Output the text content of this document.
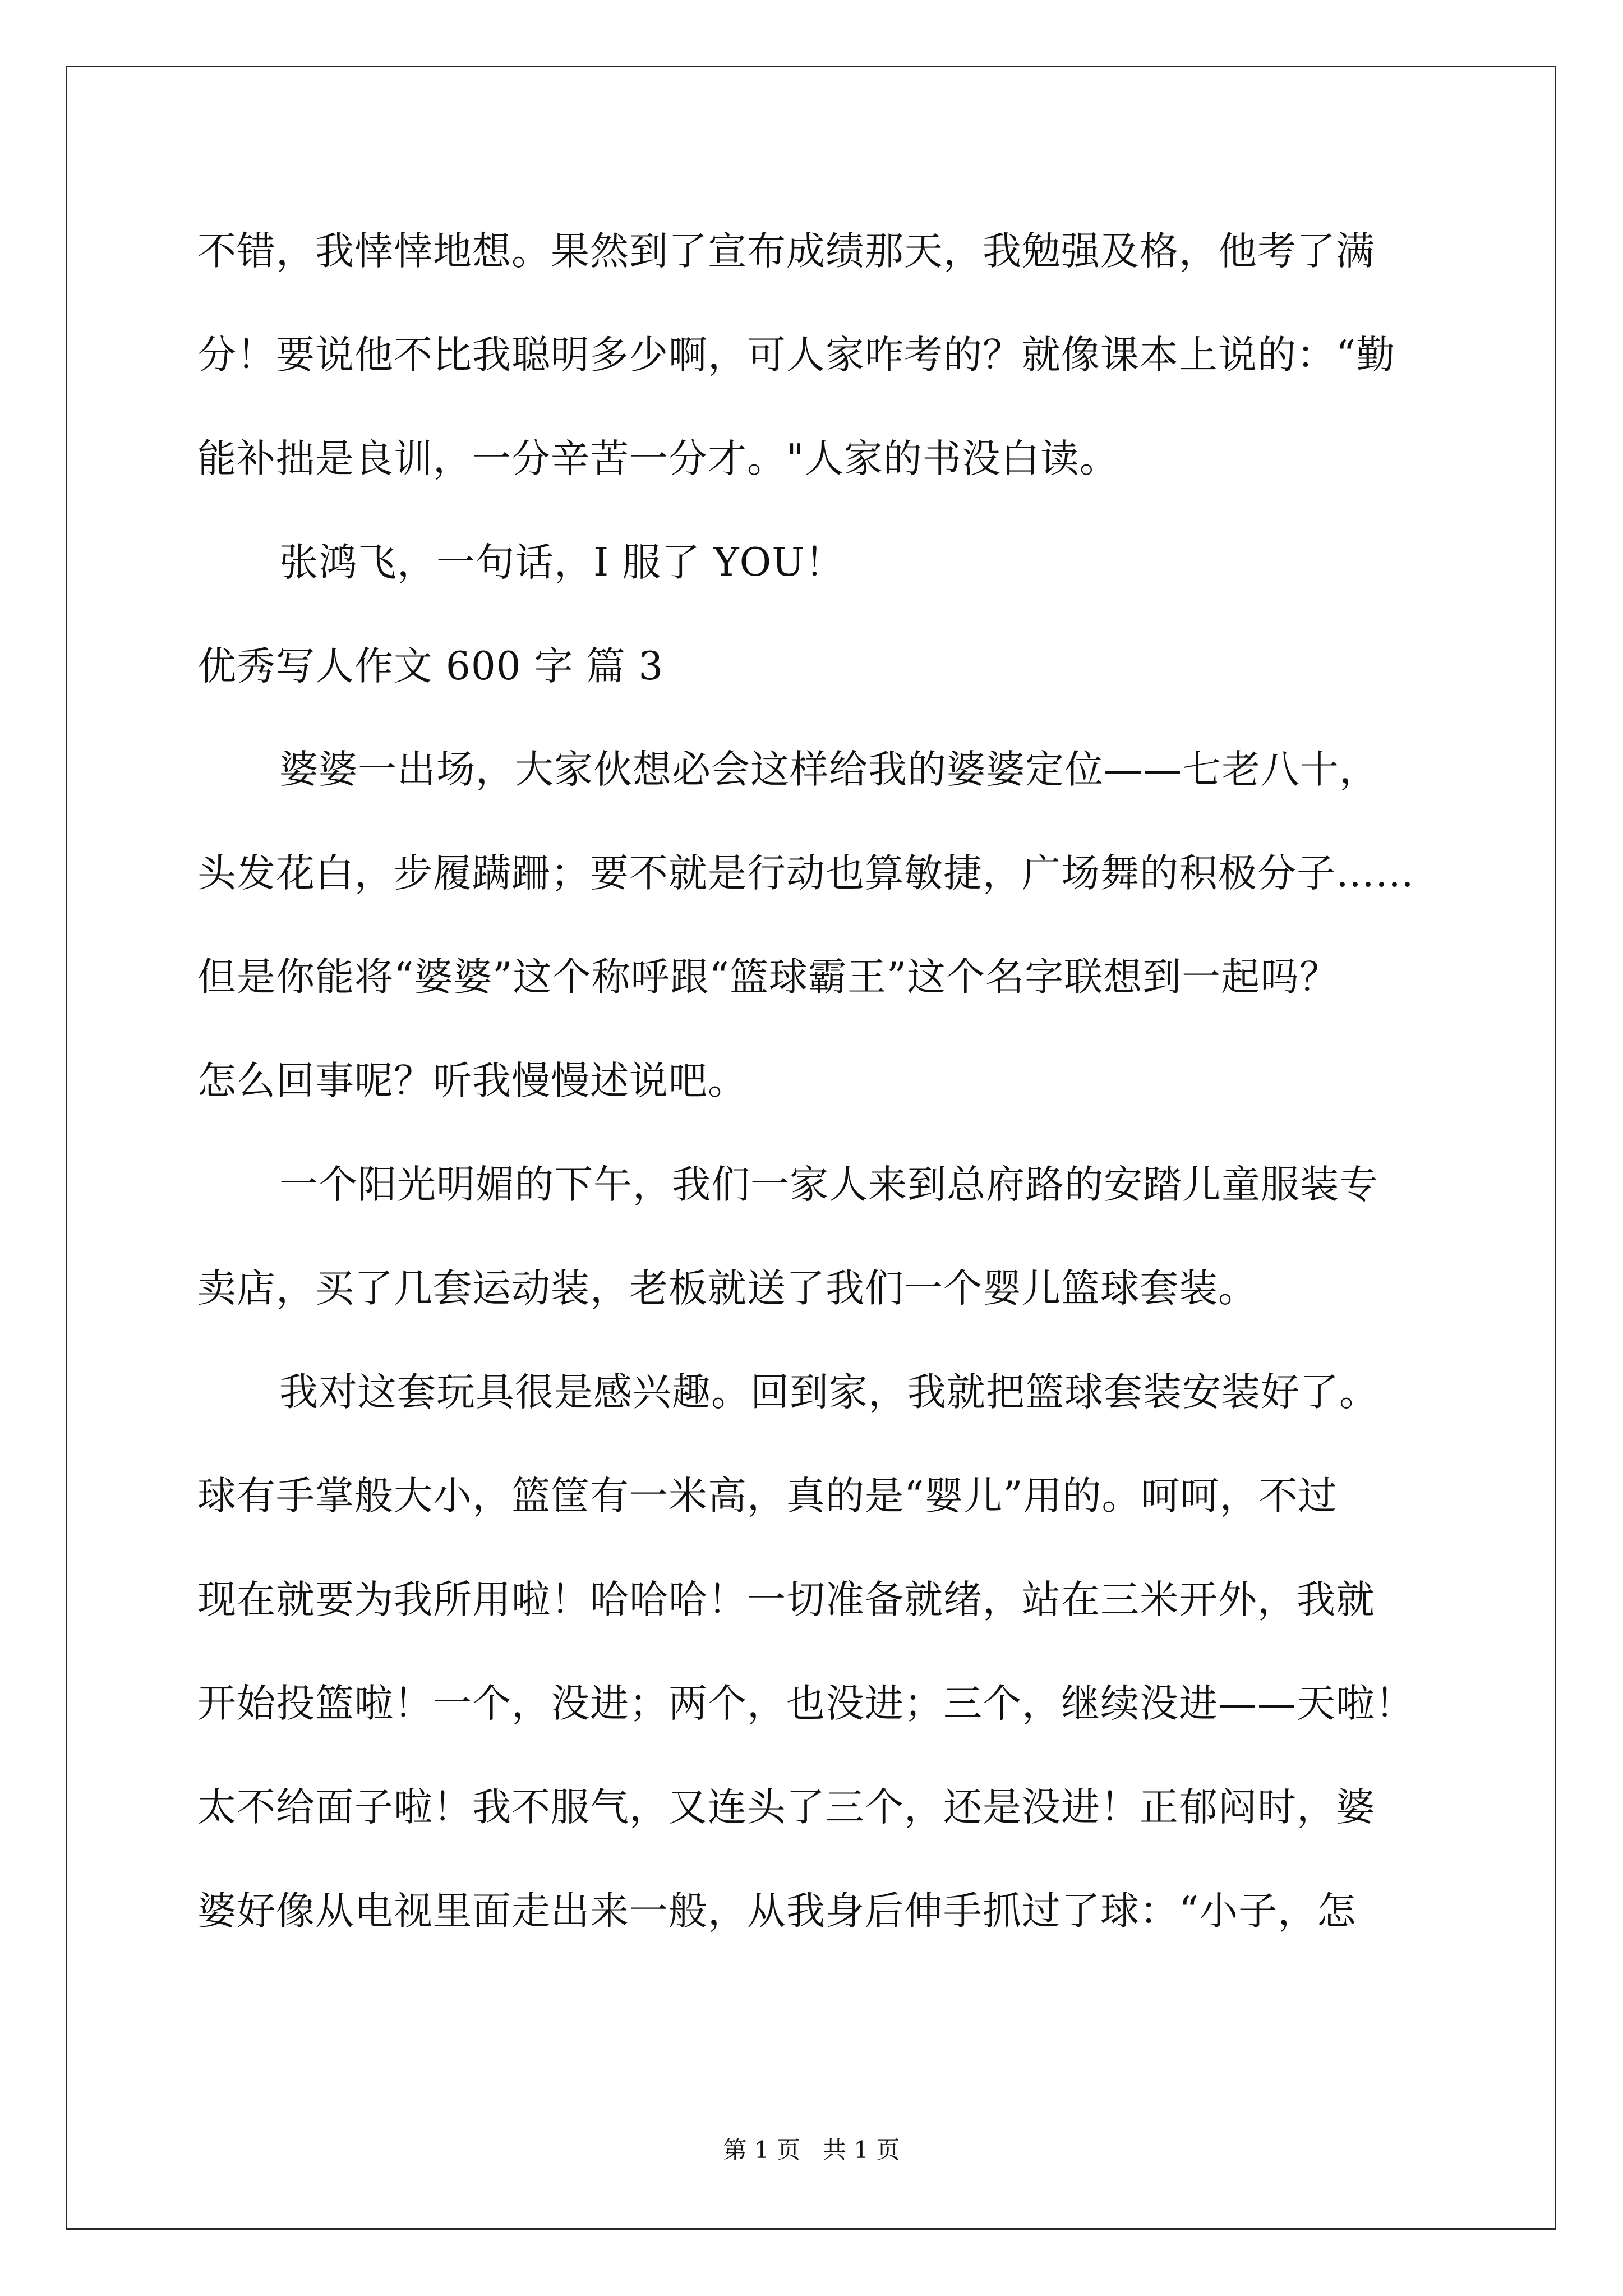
不错，我悻悻地想。果然到了宣布成绩那天，我勉强及格，他考了满
分！要说他不比我聪明多少啊，可人家咋考的？就像课本上说的：“勤
能补拙是良训，一分辛苦一分才。"人家的书没白读。
张鸿飞，一句话，I 服了 YOU！
优秀写人作文 600 字 篇 3
婆婆一出场，大家伙想必会这样给我的婆婆定位——七老八十，
头发花白，步履蹒跚；要不就是行动也算敏捷，广场舞的积极分子……
但是你能将“婆婆”这个称呼跟“篮球霸王”这个名字联想到一起吗？
怎么回事呢？听我慢慢述说吧。
一个阳光明媚的下午，我们一家人来到总府路的安踏儿童服装专
卖店，买了几套运动装，老板就送了我们一个婴儿篮球套装。
我对这套玩具很是感兴趣。回到家，我就把篮球套装安装好了。
球有手掌般大小，篮筐有一米高，真的是“婴儿”用的。呵呵，不过
现在就要为我所用啦！哈哈哈！一切准备就绪，站在三米开外，我就
开始投篮啦！一个，没进；两个，也没进；三个，继续没进——天啦！
太不给面子啦！我不服气，又连头了三个，还是没进！正郁闷时，婆
婆好像从电视里面走出来一般，从我身后伸手抓过了球：“小子，怎
第 1 页 共 1 页
